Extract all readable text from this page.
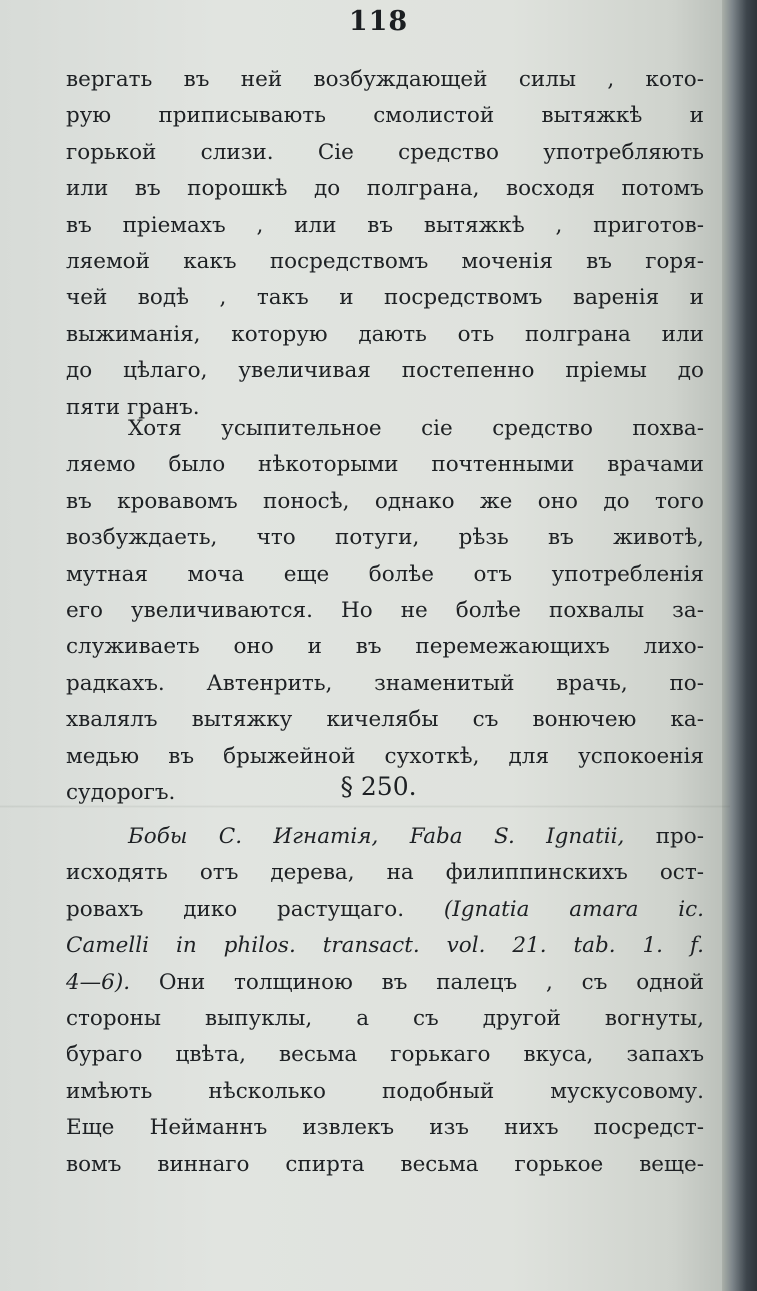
118
вергать въ ней возбуждающей силы , кото-
рую приписывають смолистой вытяжкѣ и
горькой слизи. Сіе средство употребляють
или въ порошкѣ до полграна, восходя потомъ
въ пріемахъ , или въ вытяжкѣ , приготов-
ляемой какъ посредствомъ моченія въ горя-
чей водѣ , такъ и посредствомъ варенія и
выжиманія, которую дають оть полграна или
до цѣлаго, увеличивая постепенно пріемы до
пяти гранъ.
Хотя усыпительное сіе средство похва-
ляемо было нѣкоторыми почтенными врачами
въ кровавомъ поносѣ, однако же оно до того
возбуждаеть, что потуги, рѣзь въ животѣ,
мутная моча еще болѣе отъ употребленія
его увеличиваются. Но не болѣе похвалы за-
служиваеть оно и въ перемежающихъ лихо-
радкахъ. Автенрить, знаменитый врачь, по-
хвалялъ вытяжку кичелябы съ вонючею ка-
медью въ брыжейной сухоткѣ, для успокоенія
судорогъ.	§ 250.
Бобы С. Игнатія, Faba S. Ignatii, про-
исходять отъ дерева, на филиппинскихъ ост-
ровахъ дико растущаго. (Ignatia amara ic.
Camelli in philos. transact. vol. 21. tab. 1. f.
4—6). Они толщиною въ палецъ , съ одной
стороны выпуклы, а съ другой вогнуты,
бураго цвѣта, весьма горькаго вкуса, запахъ
имѣють нѣсколько подобный мускусовому.
Еще Нейманнъ извлекъ изъ нихъ посредст-
вомъ виннаго спирта весьма горькое веще-
